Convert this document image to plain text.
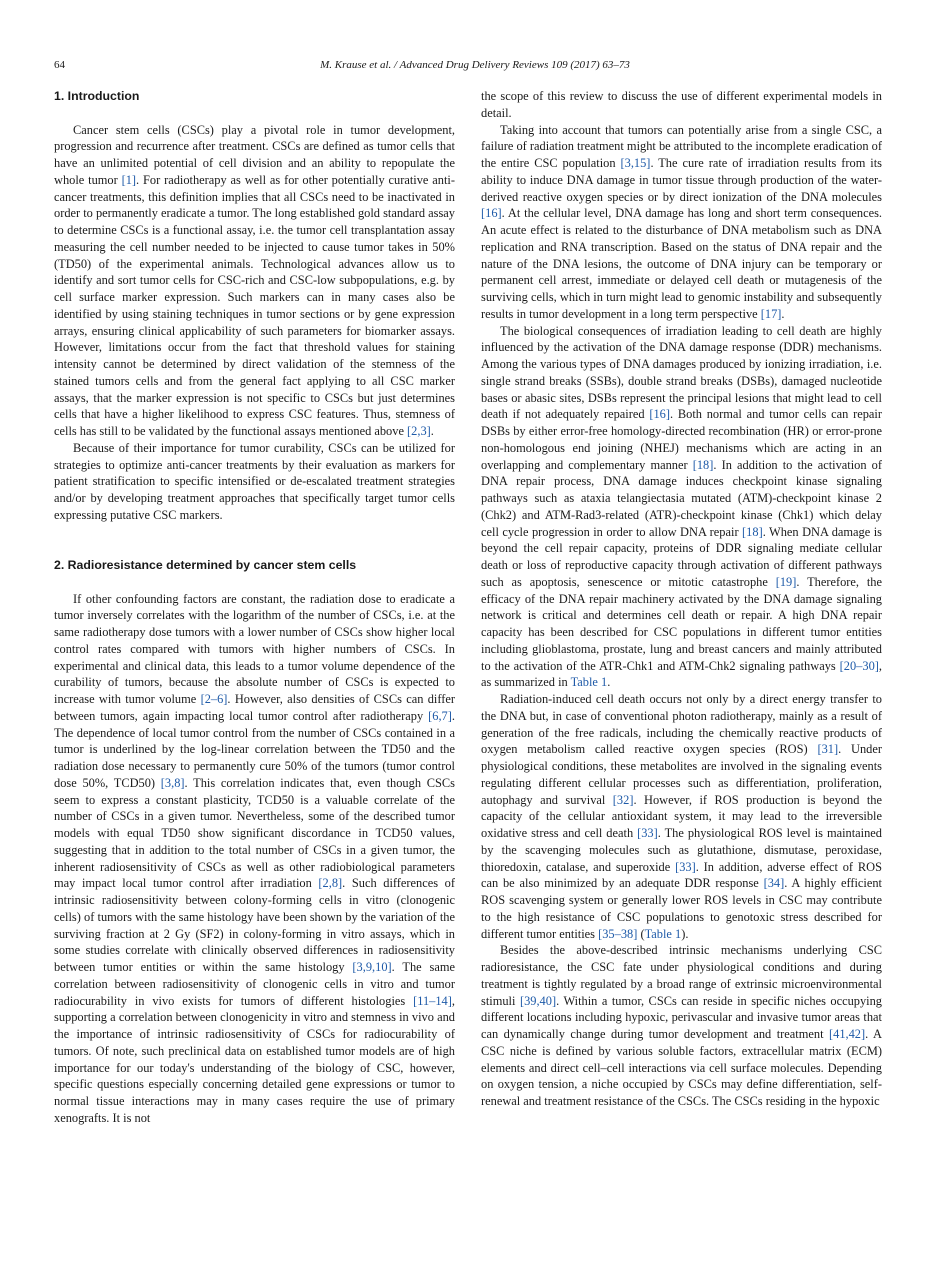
64	M. Krause et al. / Advanced Drug Delivery Reviews 109 (2017) 63–73
1. Introduction

Cancer stem cells (CSCs) play a pivotal role in tumor development, progression and recurrence after treatment. CSCs are defined as tumor cells that have an unlimited potential of cell division and an ability to repopulate the whole tumor [1]. For radiotherapy as well as for other potentially curative anti-cancer treatments, this definition implies that all CSCs need to be inactivated in order to permanently eradicate a tumor. The long established gold standard assay to determine CSCs is a functional assay, i.e. the tumor cell transplantation assay measuring the cell number needed to be injected to cause tumor takes in 50% (TD50) of the experimental animals. Technological advances allow us to identify and sort tumor cells for CSC-rich and CSC-low subpopulations, e.g. by cell surface marker expression. Such markers can in many cases also be identified by using staining techniques in tumor sections or by gene expression arrays, ensuring clinical applicability of such parameters for biomarker assays. However, limitations occur from the fact that threshold values for staining intensity cannot be determined by direct validation of the stemness of the stained tumors cells and from the general fact applying to all CSC marker assays, that the marker expression is not specific to CSCs but just determines cells that have a higher likelihood to express CSC features. Thus, stemness of cells has still to be validated by the functional assays mentioned above [2,3].

Because of their importance for tumor curability, CSCs can be utilized for strategies to optimize anti-cancer treatments by their evaluation as markers for patient stratification to specific intensified or de-escalated treatment strategies and/or by developing treatment approaches that specifically target tumor cells expressing putative CSC markers.

2. Radioresistance determined by cancer stem cells

If other confounding factors are constant, the radiation dose to eradicate a tumor inversely correlates with the logarithm of the number of CSCs, i.e. at the same radiotherapy dose tumors with a lower number of CSCs show higher local control rates compared with tumors with higher numbers of CSCs. In experimental and clinical data, this leads to a tumor volume dependence of the curability of tumors, because the absolute number of CSCs is expected to increase with tumor volume [2–6]. However, also densities of CSCs can differ between tumors, again impacting local tumor control after radiotherapy [6,7]. The dependence of local tumor control from the number of CSCs contained in a tumor is underlined by the log-linear correlation between the TD50 and the radiation dose necessary to permanently cure 50% of the tumors (tumor control dose 50%, TCD50) [3,8]. This correlation indicates that, even though CSCs seem to express a constant plasticity, TCD50 is a valuable correlate of the number of CSCs in a given tumor. Nevertheless, some of the described tumor models with equal TD50 show significant discordance in TCD50 values, suggesting that in addition to the total number of CSCs in a given tumor, the inherent radiosensitivity of CSCs as well as other radiobiological parameters may impact local tumor control after irradiation [2,8]. Such differences of intrinsic radiosensitivity between colony-forming cells in vitro (clonogenic cells) of tumors with the same histology have been shown by the variation of the surviving fraction at 2 Gy (SF2) in colony-forming in vitro assays, which in some studies correlate with clinically observed differences in radiosensitivity between tumor entities or within the same histology [3,9,10]. The same correlation between radiosensitivity of clonogenic cells in vitro and tumor radiocurability in vivo exists for tumors of different histologies [11–14], supporting a correlation between clonogenicity in vitro and stemness in vivo and the importance of intrinsic radiosensitivity of CSCs for radiocurability of tumors. Of note, such preclinical data on established tumor models are of high importance for our today's understanding of the biology of CSC, however, specific questions especially concerning detailed gene expressions or tumor to normal tissue interactions may in many cases require the use of primary xenografts. It is not

the scope of this review to discuss the use of different experimental models in detail.

Taking into account that tumors can potentially arise from a single CSC, a failure of radiation treatment might be attributed to the incomplete eradication of the entire CSC population [3,15]. The cure rate of irradiation results from its ability to induce DNA damage in tumor tissue through production of the water-derived reactive oxygen species or by direct ionization of the DNA molecules [16]. At the cellular level, DNA damage has long and short term consequences. An acute effect is related to the disturbance of DNA metabolism such as DNA replication and RNA transcription. Based on the status of DNA repair and the nature of the DNA lesions, the outcome of DNA injury can be temporary or permanent cell arrest, immediate or delayed cell death or mutagenesis of the surviving cells, which in turn might lead to genomic instability and subsequently results in tumor development in a long term perspective [17].

The biological consequences of irradiation leading to cell death are highly influenced by the activation of the DNA damage response (DDR) mechanisms. Among the various types of DNA damages produced by ionizing irradiation, i.e. single strand breaks (SSBs), double strand breaks (DSBs), damaged nucleotide bases or abasic sites, DSBs represent the principal lesions that might lead to cell death if not adequately repaired [16]. Both normal and tumor cells can repair DSBs by either error-free homology-directed recombination (HR) or error-prone non-homologous end joining (NHEJ) mechanisms which are acting in an overlapping and complementary manner [18]. In addition to the activation of DNA repair process, DNA damage induces checkpoint kinase signaling pathways such as ataxia telangiectasia mutated (ATM)-checkpoint kinase 2 (Chk2) and ATM-Rad3-related (ATR)-checkpoint kinase (Chk1) which delay cell cycle progression in order to allow DNA repair [18]. When DNA damage is beyond the cell repair capacity, proteins of DDR signaling mediate cellular death or loss of reproductive capacity through activation of different pathways such as apoptosis, senescence or mitotic catastrophe [19]. Therefore, the efficacy of the DNA repair machinery activated by the DNA damage signaling network is critical and determines cell death or repair. A high DNA repair capacity has been described for CSC populations in different tumor entities including glioblastoma, prostate, lung and breast cancers and mainly attributed to the activation of the ATR-Chk1 and ATM-Chk2 signaling pathways [20–30], as summarized in Table 1.

Radiation-induced cell death occurs not only by a direct energy transfer to the DNA but, in case of conventional photon radiotherapy, mainly as a result of generation of the free radicals, including the chemically reactive products of oxygen metabolism called reactive oxygen species (ROS) [31]. Under physiological conditions, these metabolites are involved in the signaling events regulating different cellular processes such as differentiation, proliferation, autophagy and survival [32]. However, if ROS production is beyond the capacity of the cellular antioxidant system, it may lead to the irreversible oxidative stress and cell death [33]. The physiological ROS level is maintained by the scavenging molecules such as glutathione, dismutase, peroxidase, thioredoxin, catalase, and superoxide [33]. In addition, adverse effect of ROS can be also minimized by an adequate DDR response [34]. A highly efficient ROS scavenging system or generally lower ROS levels in CSC may contribute to the high resistance of CSC populations to genotoxic stress described for different tumor entities [35–38] (Table 1).

Besides the above-described intrinsic mechanisms underlying CSC radioresistance, the CSC fate under physiological conditions and during treatment is tightly regulated by a broad range of extrinsic microenvironmental stimuli [39,40]. Within a tumor, CSCs can reside in specific niches occupying different locations including hypoxic, perivascular and invasive tumor areas that can dynamically change during tumor development and treatment [41,42]. A CSC niche is defined by various soluble factors, extracellular matrix (ECM) elements and direct cell–cell interactions via cell surface molecules. Depending on oxygen tension, a niche occupied by CSCs may define differentiation, self-renewal and treatment resistance of the CSCs. The CSCs residing in the hypoxic
